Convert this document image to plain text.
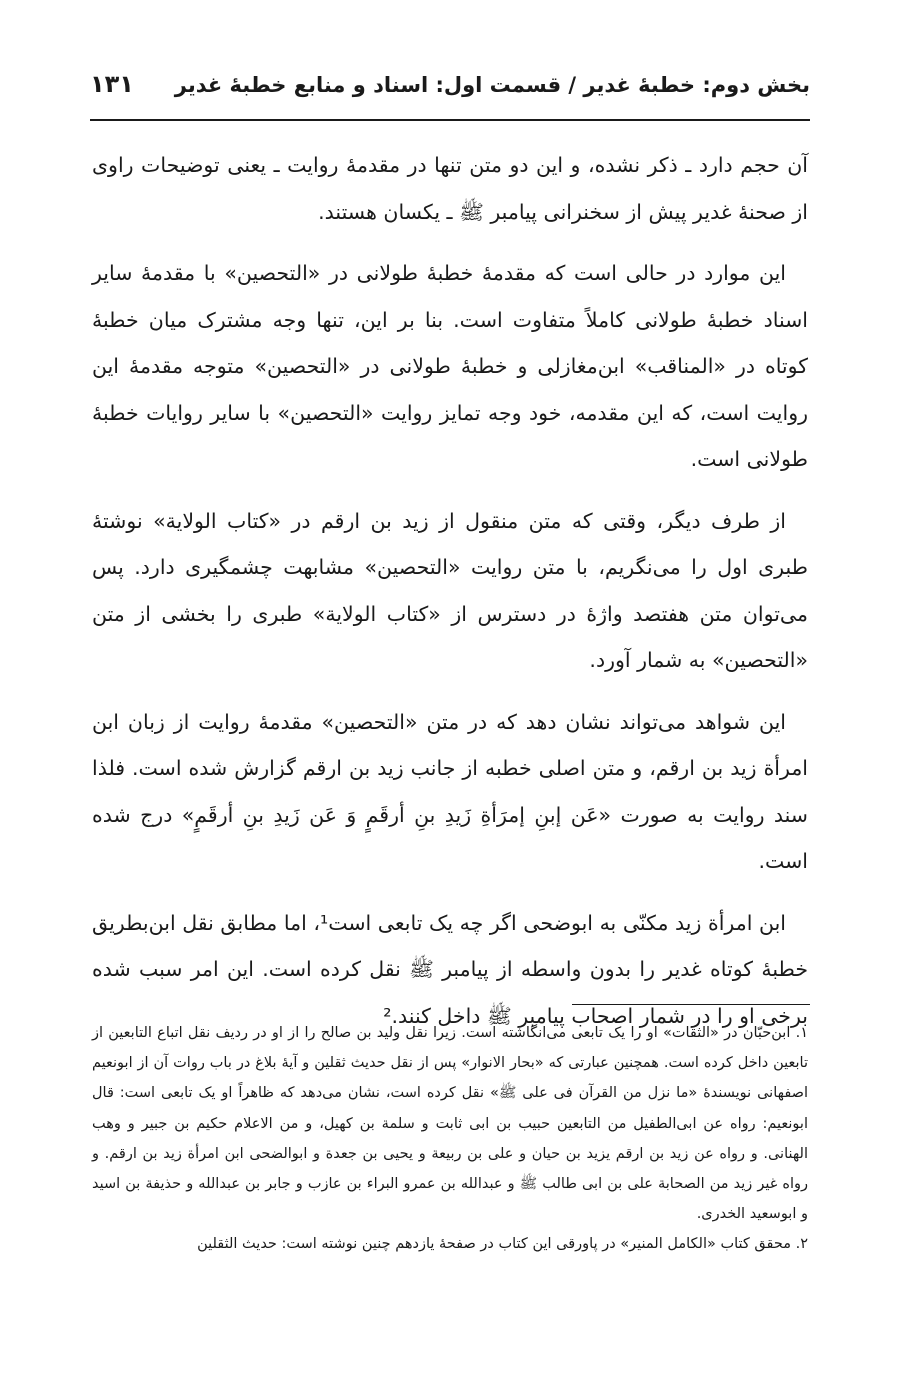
بخش دوم: خطبهٔ غدیر / قسمت اول: اسناد و منابع خطبهٔ غدیر
۱۳۱

آن حجم دارد ـ ذکر نشده، و این دو متن تنها در مقدمهٔ روایت ـ یعنی توضیحات راوی از صحنهٔ غدیر پیش از سخنرانی پیامبر ﷺ ـ یکسان هستند.

این موارد در حالی است که مقدمهٔ خطبهٔ طولانی در «التحصین» با مقدمهٔ سایر اسناد خطبهٔ طولانی کاملاً متفاوت است. بنا بر این، تنها وجه مشترک میان خطبهٔ کوتاه در «المناقب» ابن‌مغازلی و خطبهٔ طولانی در «التحصین» متوجه مقدمهٔ این روایت است، که این مقدمه، خود وجه تمایز روایت «التحصین» با سایر روایات خطبهٔ طولانی است.

از طرف دیگر، وقتی که متن منقول از زید بن ارقم در «کتاب الولایة» نوشتهٔ طبری اول را می‌نگریم، با متن روایت «التحصین» مشابهت چشمگیری دارد. پس می‌توان متن هفتصد واژهٔ در دسترس از «کتاب الولایة» طبری را بخشی از متن «التحصین» به شمار آورد.

این شواهد می‌تواند نشان دهد که در متن «التحصین» مقدمهٔ روایت از زبان ابن امرأة زید بن ارقم، و متن اصلی خطبه از جانب زید بن ارقم گزارش شده است. فلذا سند روایت به صورت «عَن إبنِ إمرَأةِ زَیدِ بنِ أرقَمٍ وَ عَن زَیدِ بنِ أرقَمٍ» درج شده است.

ابن امرأة زید مکنّی به ابوضحی اگر چه یک تابعی است¹، اما مطابق نقل ابن‌بطریق خطبهٔ کوتاه غدیر را بدون واسطه از پیامبر ﷺ نقل کرده است. این امر سبب شده برخی او را در شمار اصحاب پیامبر ﷺ داخل کنند.²

۱. ابن‌حبّان در «الثقات» او را یک تابعی می‌انگاشته است. زیرا نقل ولید بن صالح را از او در ردیف نقل اتباع التابعین از تابعین داخل کرده است. همچنین عبارتی که «بحار الانوار» پس از نقل حدیث ثقلین و آیهٔ بلاغ در باب روات آن از ابونعیم اصفهانی نویسندهٔ «ما نزل من القرآن فی علی ﷺ» نقل کرده است، نشان می‌دهد که ظاهراً او یک تابعی است: قال ابونعیم: رواه عن ابی‌الطفیل من التابعین حبیب بن ابی ثابت و سلمة بن کهیل، و من الاعلام حکیم بن جبیر و وهب الهنانی. و رواه عن زید بن ارقم یزید بن حیان و علی بن ربیعة و یحیی بن جعدة و ابوالضحی ابن امرأة زید بن ارقم. و رواه غیر زید من الصحابة علی بن ابی طالب ﷺ و عبدالله بن عمرو البراء بن عازب و جابر بن عبدالله و حذیفة بن اسید و ابوسعید الخدری.

۲. محقق کتاب «الکامل المنیر» در پاورقی این کتاب در صفحهٔ یازدهم چنین نوشته است: حدیث الثقلین
